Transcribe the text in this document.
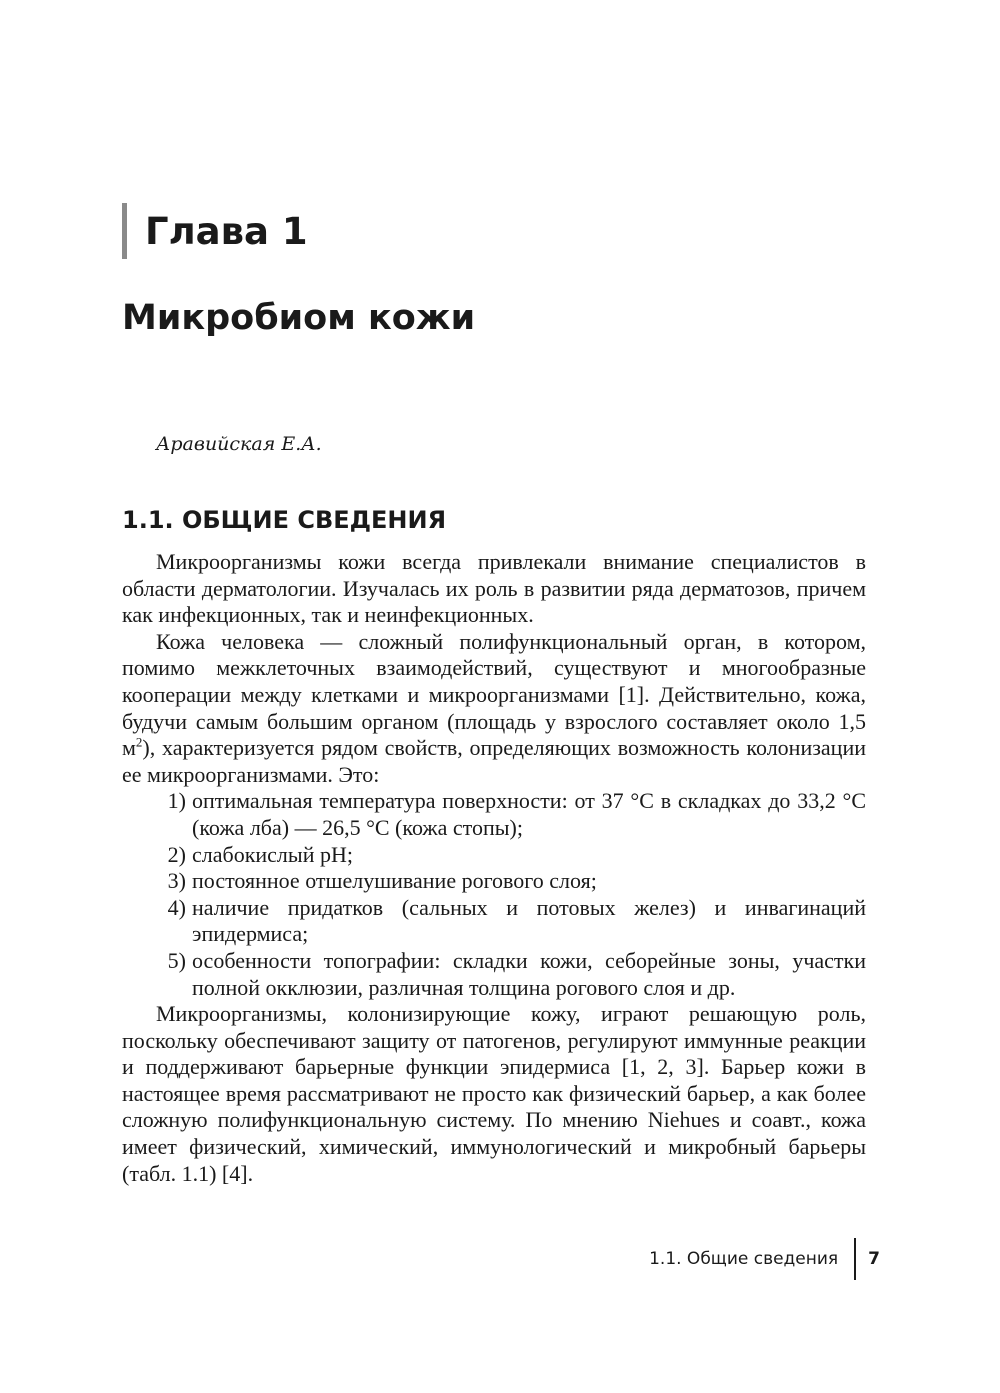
Глава 1
Микробиом кожи
Аравийская Е.А.
1.1. ОБЩИЕ СВЕДЕНИЯ

Микроорганизмы кожи всегда привлекали внимание специалистов в области дерматологии. Изучалась их роль в развитии ряда дерматозов, причем как инфекционных, так и неинфекционных.

Кожа человека — сложный полифункциональный орган, в котором, помимо межклеточных взаимодействий, существуют и многообразные кооперации между клетками и микроорганизмами [1]. Действительно, кожа, будучи самым большим органом (площадь у взрослого составляет около 1,5 $м^2$), характеризуется рядом свойств, определяющих возможность колонизации ее микроорганизмами. Это:

1) оптимальная температура поверхности: от 37 °С в складках до 33,2 °С (кожа лба) — 26,5 °С (кожа стопы);
2) слабокислый рН;
3) постоянное отшелушивание рогового слоя;
4) наличие придатков (сальных и потовых желез) и инвагинаций эпидермиса;
5) особенности топографии: складки кожи, себорейные зоны, участки полной окклюзии, различная толщина рогового слоя и др.

Микроорганизмы, колонизирующие кожу, играют решающую роль, поскольку обеспечивают защиту от патогенов, регулируют иммунные реакции и поддерживают барьерные функции эпидермиса [1, 2, 3]. Барьер кожи в настоящее время рассматривают не просто как физический барьер, а как более сложную полифункциональную систему. По мнению Niehues и соавт., кожа имеет физический, химический, иммунологический и микробный барьеры (табл. 1.1) [4].

1.1. Общие сведения 7
